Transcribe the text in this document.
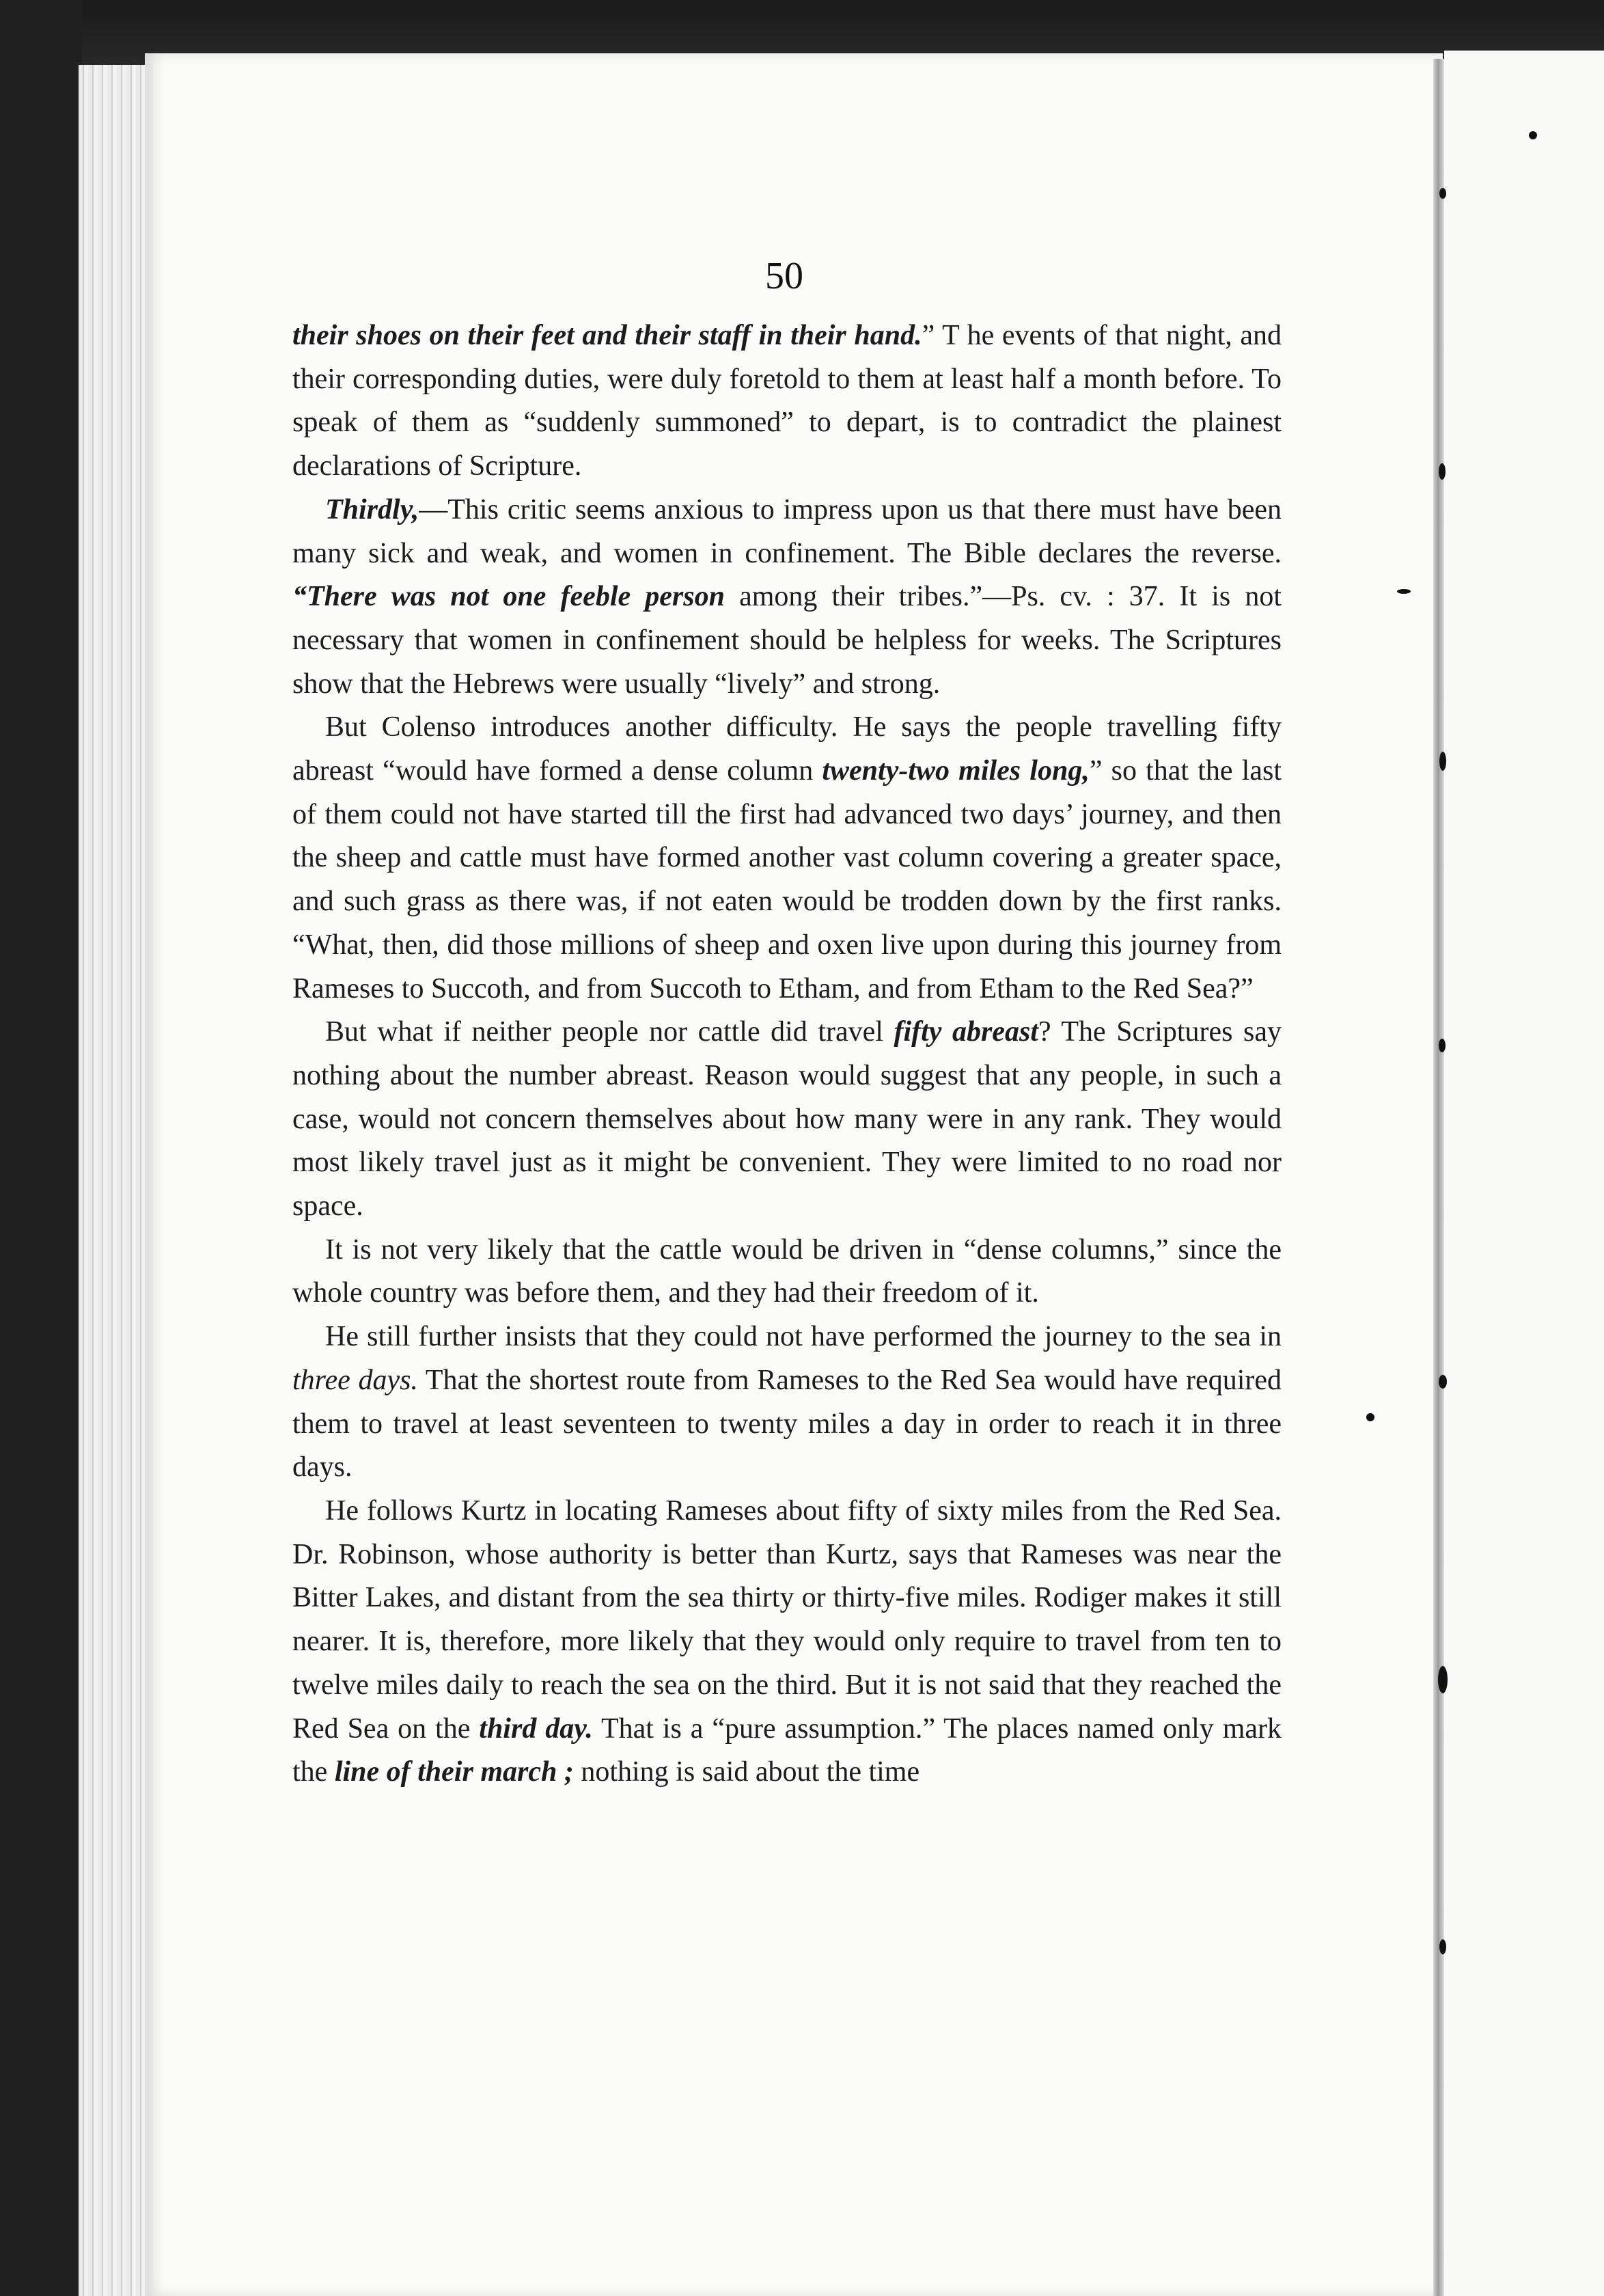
50

their shoes on their feet and their staff in their hand.” T he events of that night, and their corresponding duties, were duly foretold to them at least half a month before. To speak of them as “suddenly summoned” to depart, is to contradict the plainest declarations of Scripture.

Thirdly,—This critic seems anxious to impress upon us that there must have been many sick and weak, and women in confinement. The Bible declares the reverse. “There was not one feeble person among their tribes.”—Ps. cv. : 37. It is not necessary that women in confinement should be helpless for weeks. The Scriptures show that the Hebrews were usually “lively” and strong.

But Colenso introduces another difficulty. He says the people travelling fifty abreast “would have formed a dense column twenty-two miles long,” so that the last of them could not have started till the first had advanced two days’ journey, and then the sheep and cattle must have formed another vast column covering a greater space, and such grass as there was, if not eaten would be trodden down by the first ranks. “What, then, did those millions of sheep and oxen live upon during this journey from Rameses to Succoth, and from Succoth to Etham, and from Etham to the Red Sea?”

But what if neither people nor cattle did travel fifty abreast? The Scriptures say nothing about the number abreast. Reason would suggest that any people, in such a case, would not concern themselves about how many were in any rank. They would most likely travel just as it might be convenient. They were limited to no road nor space.

It is not very likely that the cattle would be driven in “dense columns,” since the whole country was before them, and they had their freedom of it.

He still further insists that they could not have performed the journey to the sea in three days. That the shortest route from Rameses to the Red Sea would have required them to travel at least seventeen to twenty miles a day in order to reach it in three days.

He follows Kurtz in locating Rameses about fifty of sixty miles from the Red Sea. Dr. Robinson, whose authority is better than Kurtz, says that Rameses was near the Bitter Lakes, and distant from the sea thirty or thirty-five miles. Rodiger makes it still nearer. It is, therefore, more likely that they would only require to travel from ten to twelve miles daily to reach the sea on the third. But it is not said that they reached the Red Sea on the third day. That is a “pure assumption.” The places named only mark the line of their march ; nothing is said about the time
